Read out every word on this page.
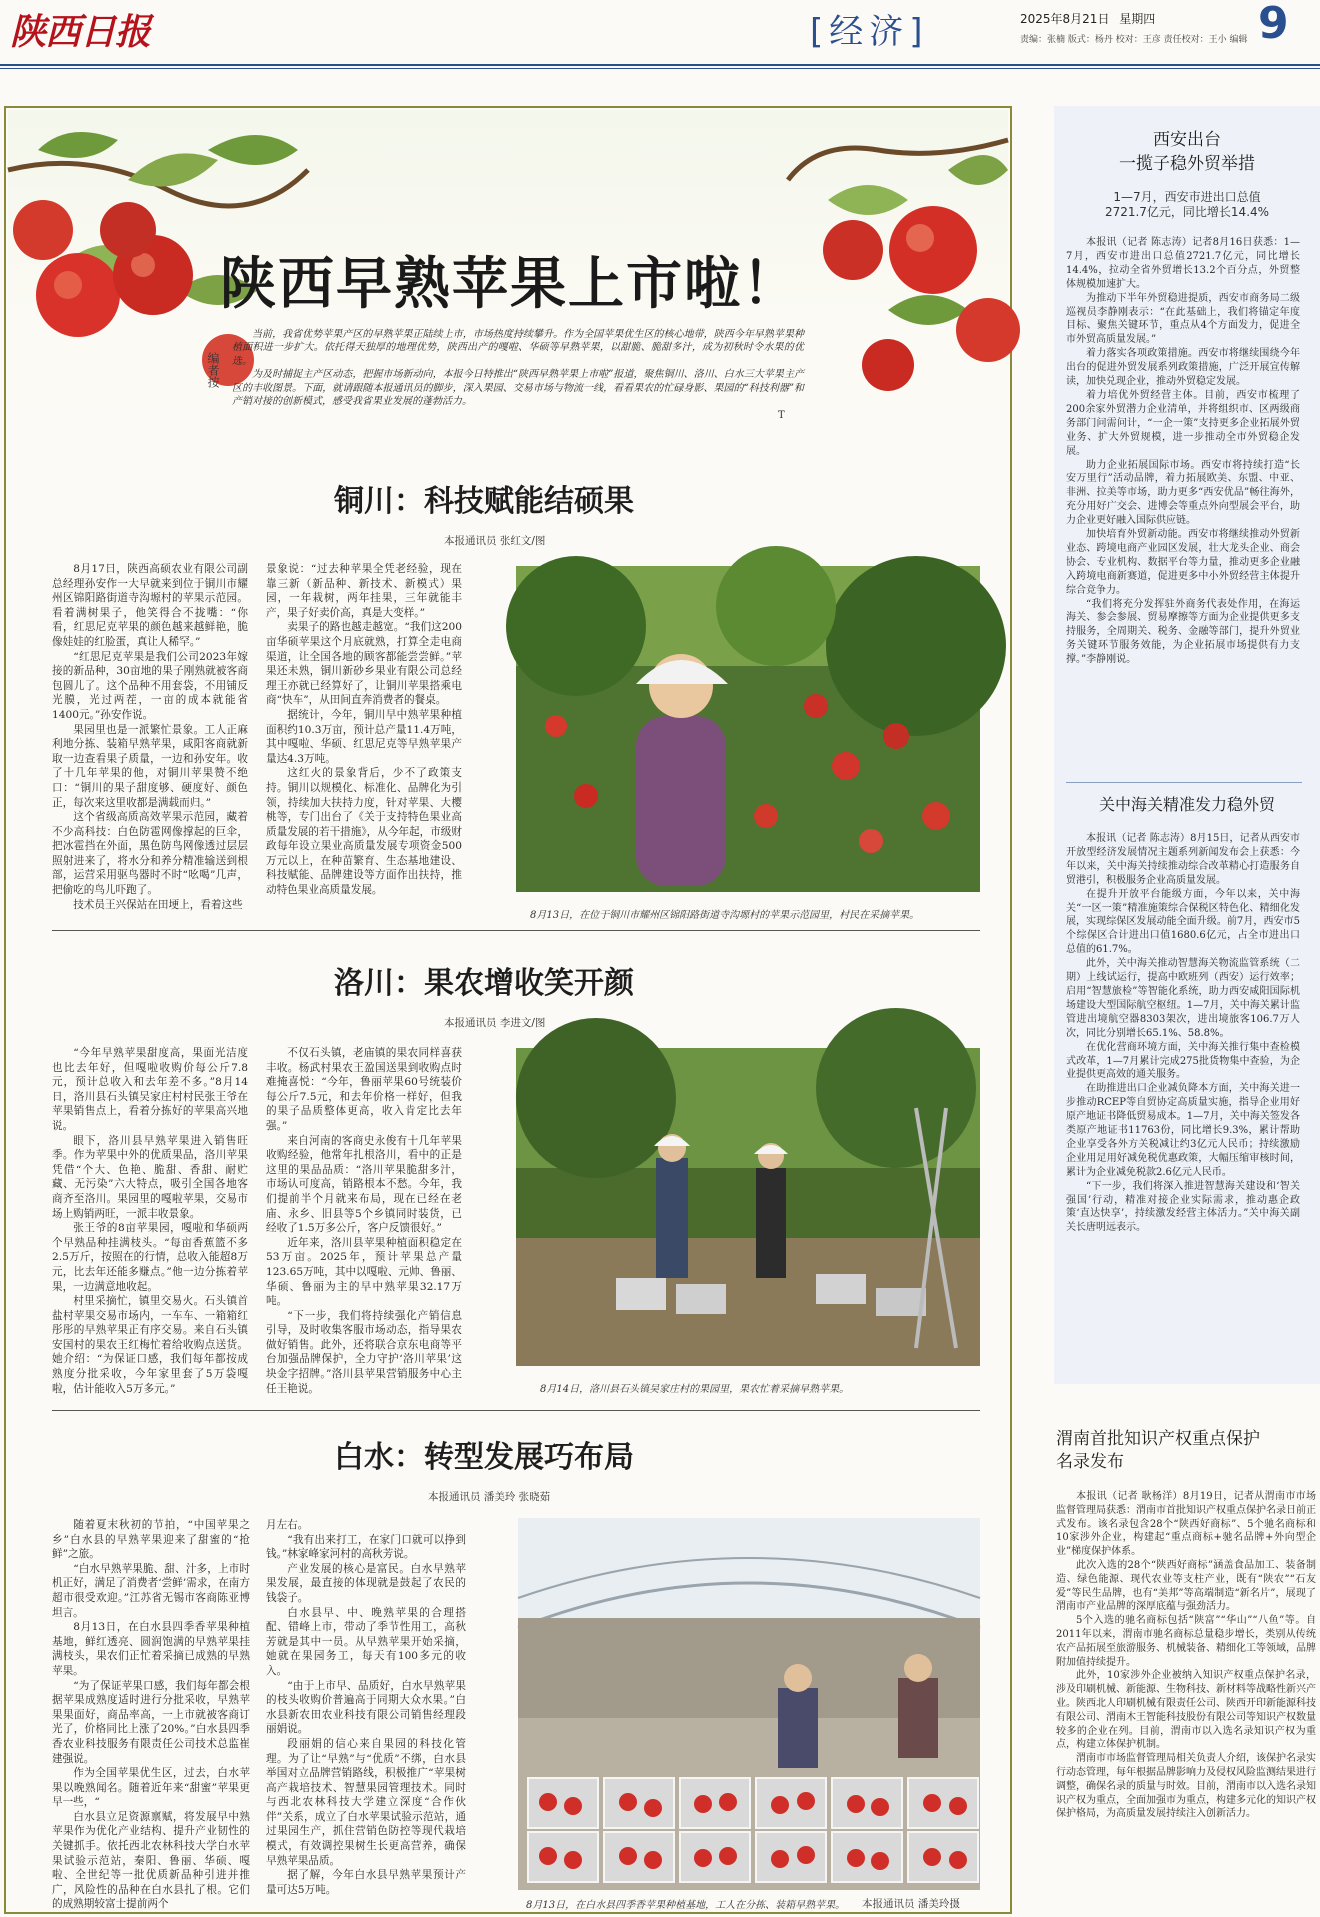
陕西日报	[经济]	2025年8月21日 星期四
责编：张楠 版式：杨丹 校对：王彦 责任校对：王小 编辑 9
陕西早熟苹果上市啦！
编者按

当前，我省优势苹果产区的早熟苹果正陆续上市，市场热度持续攀升。作为全国苹果优生区的核心地带，陕西今年早熟苹果种植面积进一步扩大。依托得天独厚的地理优势，陕西出产的嘎啦、华硕等早熟苹果，以甜脆、脆甜多汁，成为初秋时令水果的优选。

为及时捕捉主产区动态，把握市场新动向，本报今日特推出“陕西早熟苹果上市啦”报道，聚焦铜川、洛川、白水三大苹果主产区的丰收图景。下面，就请跟随本报通讯员的脚步，深入果园、交易市场与物流一线，看看果农的忙碌身影、果园的“科技利器”和产销对接的创新模式，感受我省果业发展的蓬勃活力。

T
铜川：科技赋能结硕果
本报通讯员 张红文/图

8月17日，陕西高硕农业有限公司副总经理孙安作一大早就来到位于铜川市耀州区锦阳路街道寺沟塬村的苹果示范园。看着满树果子，他笑得合不拢嘴：“你看，红思尼克苹果的颜色越来越鲜艳，脆像娃娃的红脸蛋，真让人稀罕。”

“红思尼克苹果是我们公司2023年嫁接的新品种，30亩地的果子刚熟就被客商包圆儿了。这个品种不用套袋，不用铺反光膜，光过两茬，一亩的成本就能省1400元。”孙安作说。

果园里也是一派繁忙景象。工人正麻利地分拣、装箱早熟苹果，咸阳客商就新取一边查看果子质量，一边和孙安年。收了十几年苹果的他，对铜川苹果赞不绝口：“铜川的果子甜度够、硬度好、颜色正，每次来这里收都是满载而归。”

这个省级高质高效苹果示范园，藏着不少高科技：白色防雹网像撑起的巨伞，把冰雹挡在外面，黑色防鸟网像透过层层照射进来了，将水分和养分精准输送到根部，运营采用驱鸟器时不时“吆喝”几声，把偷吃的鸟儿吓跑了。

技术员王兴保站在田埂上，看着这些

景象说：“过去种苹果全凭老经验，现在靠三新（新品种、新技术、新模式）果园，一年栽树，两年挂果，三年就能丰产，果子好卖价高，真是大变样。”

卖果子的路也越走越宽。“我们这200亩华硕苹果这个月底就熟，打算全走电商渠道，让全国各地的顾客都能尝尝鲜。”苹果还未熟，铜川新砂乡果业有限公司总经理王亦就已经算好了，让铜川苹果搭乘电商“快车”，从田间直奔消费者的餐桌。

据统计，今年，铜川早中熟苹果种植面积约10.3万亩，预计总产量11.4万吨，其中嘎啦、华硕、红思尼克等早熟苹果产量达4.3万吨。

这红火的景象背后，少不了政策支持。铜川以规模化、标准化、品牌化为引领，持续加大扶持力度，针对苹果、大樱桃等，专门出台了《关于支持特色果业高质量发展的若干措施》，从今年起，市级财政每年设立果业高质量发展专项资金500万元以上，在种苗繁育、生态基地建设、科技赋能、品牌建设等方面作出扶持，推动特色果业高质量发展。

8月13日，在位于铜川市耀州区锦阳路街道寺沟塬村的苹果示范园里，村民在采摘苹果。
洛川：果农增收笑开颜
本报通讯员 李进文/图

“今年早熟苹果甜度高，果面光洁度也比去年好，但嘎啦收购价每公斤7.8元，预计总收入和去年差不多。”8月14日，洛川县石头镇吴家庄村村民张王爷在苹果销售点上，看着分拣好的苹果高兴地说。

眼下，洛川县早熟苹果进入销售旺季。作为苹果中外的优质果品，洛川苹果凭借“个大、色艳、脆甜、香甜、耐贮藏、无污染”六大特点，吸引全国各地客商齐至洛川。果园里的嘎啦苹果，交易市场上购销两旺，一派丰收景象。

张王爷的8亩苹果园，嘎啦和华硕两个早熟品种挂满枝头。“每亩香蕉篮不多2.5万斤，按照在的行情，总收入能超8万元，比去年还能多赚点。”他一边分拣着苹果，一边满意地收起。

村里采摘忙，镇里交易火。石头镇首盐村苹果交易市场内，一车车、一箱箱红彤彤的早熟苹果正有序交易。来自石头镇安国村的果农王红梅忙着给收购点送货。她介绍：“为保证口感，我们每年都按成熟度分批采收，今年家里套了5万袋嘎啦，估计能收入5万多元。”

不仅石头镇，老庙镇的果农同样喜获丰收。杨武村果农王盈国送果到收购点时难掩喜悦：“今年，鲁丽苹果60号统装价每公斤7.5元，和去年价格一样好，但我的果子品质整体更高，收入肯定比去年强。”

来自河南的客商史永俊有十几年苹果收购经验，他常年扎根洛川，看中的正是这里的果品品质：“洛川苹果脆甜多汁，市场认可度高，销路根本不愁。今年，我们提前半个月就来布局，现在已经在老庙、永乡、旧县等5个乡镇同时装货，已经收了1.5万多公斤，客户反馈很好。”

近年来，洛川县苹果种植面积稳定在53万亩。2025年，预计苹果总产量123.65万吨，其中以嘎啦、元帅、鲁丽、华硕、鲁丽为主的早中熟苹果32.17万吨。

“下一步，我们将持续强化产销信息引导，及时收集客服市场动态，指导果农做好销售。此外，还将联合京东电商等平台加强品牌保护，全力守护‘洛川苹果’这块金字招牌。”洛川县苹果营销服务中心主任王艳说。	8月14日，洛川县石头镇吴家庄村的果园里，果农忙着采摘早熟苹果。
白水：转型发展巧布局
本报通讯员 潘美玲 张晓茹

随着夏末秋初的节拍，“中国苹果之乡”白水县的早熟苹果迎来了甜蜜的“抢鲜”之旅。

“白水早熟苹果脆、甜、汁多，上市时机正好，满足了消费者‘尝鲜’需求，在南方超市很受欢迎。”江苏省无锡市客商陈亚博坦言。

8月13日，在白水县四季香苹果种植基地，鲜红透亮、圆润饱满的早熟苹果挂满枝头，果农们正忙着采摘已成熟的早熟苹果。

“为了保证苹果口感，我们每年都会根据苹果成熟度适时进行分批采收，早熟苹果果面好，商品率高，一上市就被客商订光了，价格同比上涨了20%。”白水县四季香农业科技服务有限责任公司技术总监崔建强说。

作为全国苹果优生区，过去，白水苹果以晚熟闻名。随着近年来“甜蜜”苹果更早一些，“

白水县立足资源禀赋，将发展早中熟苹果作为优化产业结构、提升产业韧性的关键抓手。依托西北农林科技大学白水苹果试验示范站，秦阳、鲁丽、华硕、嘎啦、全世纪等一批优质新品种引进并推广，风险性的品种在白水县扎了根。它们的成熟期较富士提前两个

月左右。

“我有出来打工，在家门口就可以挣到钱。”林家峰家河村的高秋芳说。

产业发展的核心是富民。白水早熟苹果发展，最直接的体现就是鼓起了农民的钱袋子。

白水县早、中、晚熟苹果的合理搭配、错峰上市，带动了季节性用工，高秋芳就是其中一员。从早熟苹果开始采摘，她就在果园务工，每天有100多元的收入。

“由于上市早、品质好，白水早熟苹果的枝头收购价普遍高于同期大众水果。”白水县新农田农业科技有限公司销售经理段丽娟说。

段丽娟的信心来自果园的科技化管理。为了让“早熟”与“优质”不绑，白水县举国对立品牌营销路线，积极推广“苹果树高产栽培技术、智慧果园管理技术。同时与西北农林科技大学建立深度“合作伙伴”关系，成立了白水苹果试验示范站，通过果园生产，抓住营销色防控等现代栽培模式，有效调控果树生长更高营养，确保早熟苹果品质。

据了解，今年白水县早熟苹果预计产量可达5万吨。

8月13日，在白水县四季香苹果种植基地，工人在分拣、装箱早熟苹果。 本报通讯员 潘美玲摄
西安出台
一揽子稳外贸举措
1—7月，西安市进出口总值
2721.7亿元，同比增长14.4%

本报讯（记者 陈志涛）记者8月16日获悉：1—7月，西安市进出口总值2721.7亿元，同比增长14.4%，拉动全省外贸增长13.2个百分点，外贸整体规模加速扩大。

为推动下半年外贸稳进提质，西安市商务局二级巡视员李静刚表示：“在此基础上，我们将锚定年度目标、聚焦关键环节，重点从4个方面发力，促进全市外贸高质量发展。”

着力落实各项政策措施。西安市将继续围绕今年出台的促进外贸发展系列政策措施，广泛开展宣传解读，加快兑现企业，推动外贸稳定发展。

着力培优外贸经营主体。目前，西安市梳理了200余家外贸潜力企业清单，并将组织市、区两级商务部门问需问计，“一企一策”支持更多企业拓展外贸业务、扩大外贸规模，进一步推动全市外贸稳企发展。

助力企业拓展国际市场。西安市将持续打造“长安万里行”活动品牌，着力拓展欧美、东盟、中亚、非洲、拉美等市场，助力更多“西安优品”畅往海外，充分用好广交会、进博会等重点外向型展会平台，助力企业更好融入国际供应链。

加快培育外贸新动能。西安市将继续推动外贸新业态、跨境电商产业园区发展，壮大龙头企业、商会协会、专业机构、数据平台等力量，推动更多企业融入跨境电商新赛道，促进更多中小外贸经营主体提升综合竞争力。

“我们将充分发挥驻外商务代表处作用，在海运海关、参会参展、贸易摩擦等方面为企业提供更多支持服务，全周期关、税务、金融等部门，提升外贸业务关键环节服务效能，为企业拓展市场提供有力支撑。”李静刚说。

关中海关精准发力稳外贸

本报讯（记者 陈志涛）8月15日，记者从西安市开放型经济发展情况主题系列新闻发布会上获悉：今年以来，关中海关持续推动综合改革精心打造服务自贸港引，积极服务企业高质量发展。

在提升开放平台能级方面，今年以来，关中海关“一区一策”精准施策综合保税区特色化、精细化发展，实现综保区发展动能全面升级。前7月，西安市5个综保区合计进出口值1680.6亿元，占全市进出口总值的61.7%。

此外，关中海关推动智慧海关物流监管系统（二期）上线试运行，提高中欧班列（西安）运行效率；启用“智慧旅检”等智能化系统，助力西安咸阳国际机场建设大型国际航空枢纽。1—7月，关中海关累计监管进出境航空器8303架次，进出境旅客106.7万人次，同比分别增长65.1%、58.8%。

在优化营商环境方面，关中海关推行集中查检模式改革，1—7月累计完成275批货物集中查验，为企业提供更高效的通关服务。

在助推进出口企业减负降本方面，关中海关进一步推动RCEP等自贸协定高质量实施，指导企业用好原产地证书降低贸易成本。1—7月，关中海关签发各类原产地证书11763份，同比增长9.3%，累计帮助企业享受各外方关税减让约3亿元人民币；持续激励企业用足用好减免税优惠政策，大幅压缩审核时间，累计为企业减免税款2.6亿元人民币。

“下一步，我们将深入推进智慧海关建设和‘智关强国’行动，精准对接企业实际需求，推动惠企政策‘直达快享’，持续激发经营主体活力。”关中海关副关长唐明远表示。

渭南首批知识产权重点保护
名录发布

本报讯（记者 耿杨洋）8月19日，记者从渭南市市场监督管理局获悉：渭南市首批知识产权重点保护名录日前正式发布。该名录包含28个“陕西好商标”、5个驰名商标和10家涉外企业，构建起“重点商标+驰名品牌+外向型企业”梯度保护体系。

此次入选的28个“陕西好商标”涵盖食品加工、装备制造、绿色能源、现代农业等支柱产业，既有“陕农”“石友爱”等民生品牌，也有“美邦”等高端制造“新名片”，展现了渭南市产业品牌的深厚底蕴与强劲活力。

5个入选的驰名商标包括“陕富”“华山”“八鱼”等。自2011年以来，渭南市驰名商标总量稳步增长，类别从传统农产品拓展至旅游服务、机械装备、精细化工等领域，品牌附加值持续提升。

此外，10家涉外企业被纳入知识产权重点保护名录，涉及印刷机械、新能源、生物科技、新材料等战略性新兴产业。陕西北人印刷机械有限责任公司、陕西开印新能源科技有限公司、渭南木王智能科技股份有限公司等知识产权数量较多的企业在列。目前，渭南市以入选名录知识产权为重点，构建立体保护机制。

渭南市市场监督管理局相关负责人介绍，该保护名录实行动态管理，每年根据品牌影响力及侵权风险监测结果进行调整，确保名录的质量与时效。目前，渭南市以入选名录知识产权为重点，全面加强市为重点，构建多元化的知识产权保护格局，为高质量发展持续注入创新活力。
